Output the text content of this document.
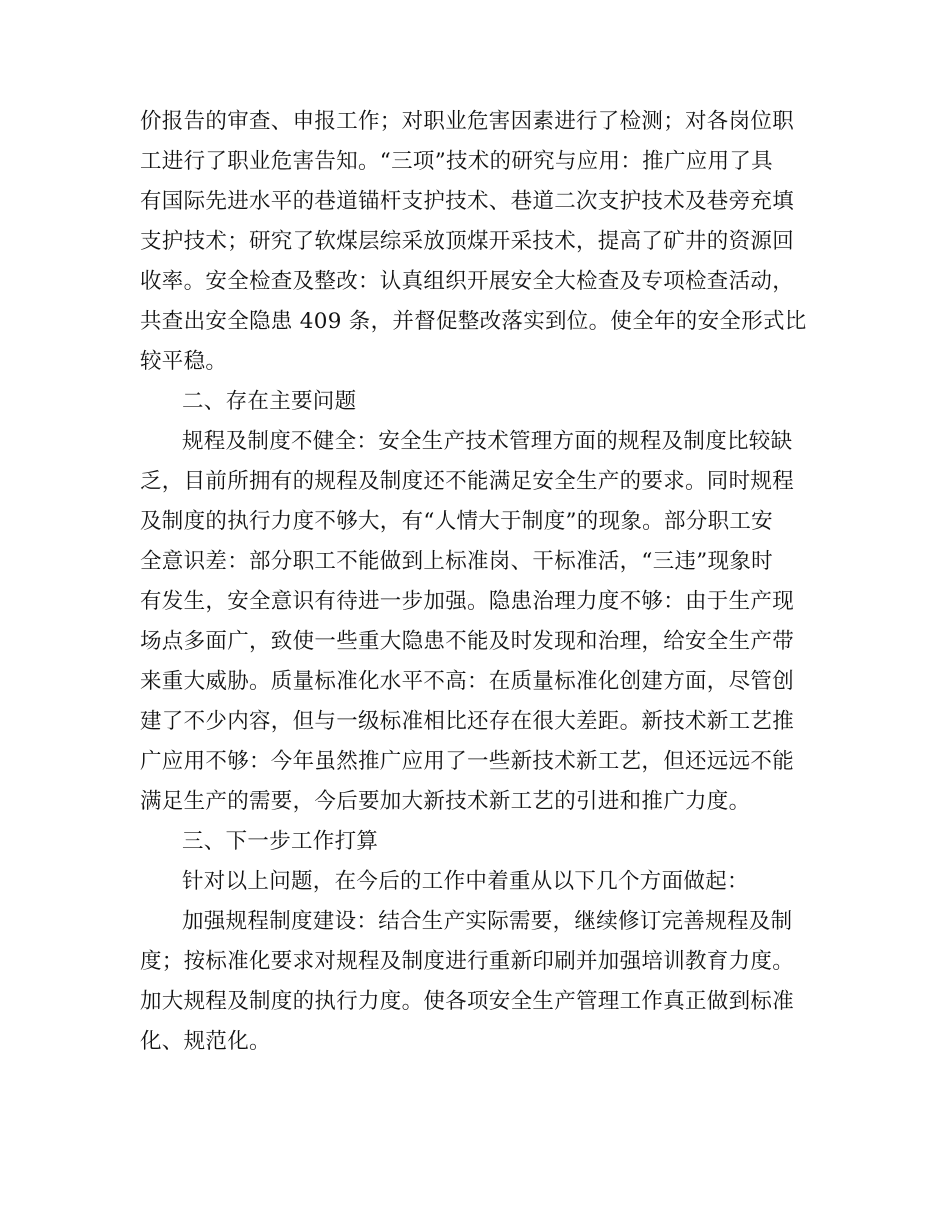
价报告的审查、申报工作；对职业危害因素进行了检测；对各岗位职
工进行了职业危害告知。“三项”技术的研究与应用：推广应用了具
有国际先进水平的巷道锚杆支护技术、巷道二次支护技术及巷旁充填
支护技术；研究了软煤层综采放顶煤开采技术，提高了矿井的资源回
收率。安全检查及整改：认真组织开展安全大检查及专项检查活动，
共查出安全隐患 409 条，并督促整改落实到位。使全年的安全形式比
较平稳。
二、存在主要问题
规程及制度不健全：安全生产技术管理方面的规程及制度比较缺
乏，目前所拥有的规程及制度还不能满足安全生产的要求。同时规程
及制度的执行力度不够大，有“人情大于制度”的现象。部分职工安
全意识差：部分职工不能做到上标准岗、干标准活，“三违”现象时
有发生，安全意识有待进一步加强。隐患治理力度不够：由于生产现
场点多面广，致使一些重大隐患不能及时发现和治理，给安全生产带
来重大威胁。质量标准化水平不高：在质量标准化创建方面，尽管创
建了不少内容，但与一级标准相比还存在很大差距。新技术新工艺推
广应用不够：今年虽然推广应用了一些新技术新工艺，但还远远不能
满足生产的需要，今后要加大新技术新工艺的引进和推广力度。
三、下一步工作打算
针对以上问题，在今后的工作中着重从以下几个方面做起：
加强规程制度建设：结合生产实际需要，继续修订完善规程及制
度；按标准化要求对规程及制度进行重新印刷并加强培训教育力度。
加大规程及制度的执行力度。使各项安全生产管理工作真正做到标准
化、规范化。
